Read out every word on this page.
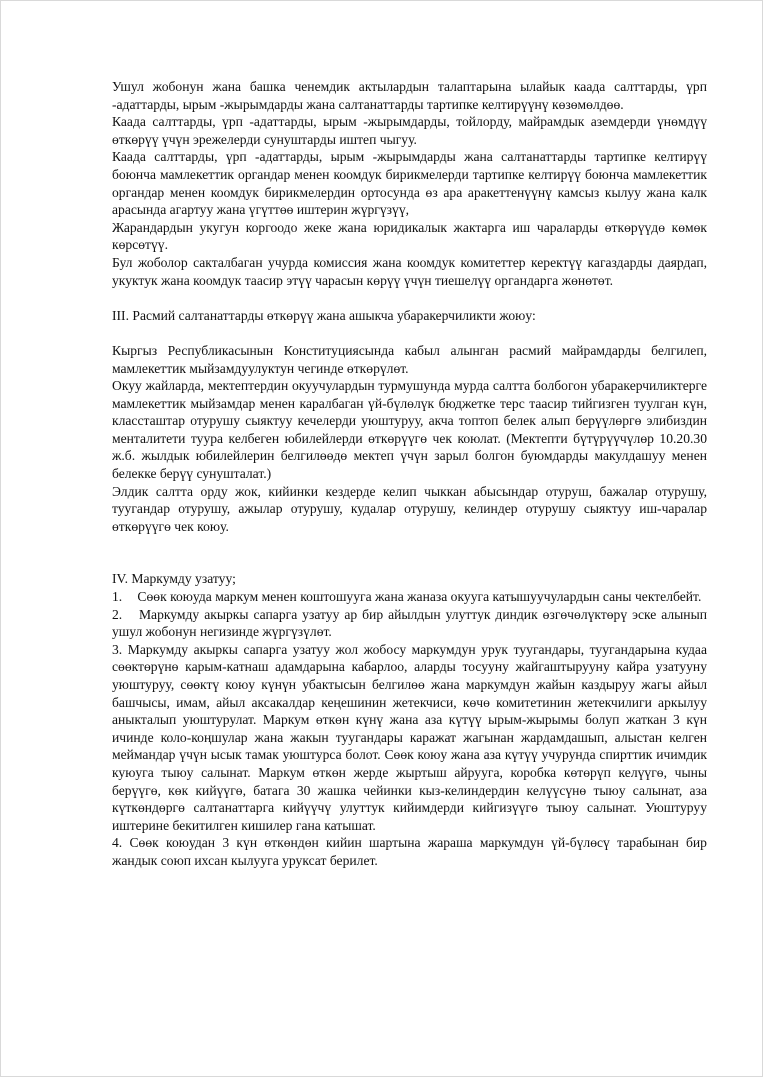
Ушул жобонун жана башка ченемдик актылардын талаптарына ылайык каада салттарды, үрп -адаттарды, ырым -жырымдарды жана салтанаттарды тартипке келтирүүнү көзөмөлдөө.

Каада салттарды, үрп -адаттарды, ырым -жырымдарды, тойлорду, майрамдык аземдерди үнөмдүү өткөрүү үчүн эрежелерди сунуштарды иштеп чыгуу.

Каада салттарды, үрп -адаттарды, ырым -жырымдарды жана салтанаттарды тартипке келтирүү боюнча мамлекеттик органдар менен коомдук бирикмелерди тартипке келтирүү боюнча мамлекеттик органдар менен коомдук бирикмелердин ортосунда өз ара аракеттенүүнү камсыз кылуу жана калк арасында агартуу жана үгүттөө иштерин жүргүзүү,

Жарандардын укугун коргоодо жеке жана юридикалык жактарга иш чараларды өткөрүүдө көмөк көрсөтүү.

Бул жоболор сакталбаган учурда комиссия жана коомдук комитеттер керектүү кагаздарды даярдап, укуктук жана коомдук таасир этүү чарасын көрүү үчүн тиешелүү органдарга жөнөтөт.

III. Расмий салтанаттарды өткөрүү жана ашыкча убаракерчиликти жоюу:

Кыргыз Республикасынын Конституциясында кабыл алынган расмий майрамдарды белгилеп, мамлекеттик мыйзамдуулуктун чегинде өткөрүлөт.

Окуу жайларда, мектептердин окуучулардын турмушунда мурда салтта болбогон убаракерчиликтерге мамлекеттик мыйзамдар менен каралбаган үй-бүлөлүк бюджетке терс таасир тийгизген туулган күн, классташтар отурушу сыяктуу кечелерди уюштуруу, акча топтоп белек алып берүүлөргө элибиздин менталитети туура келбеген юбилейлерди өткөрүүгө чек коюлат. (Мектепти бүтүрүүчүлөр 10.20.30 ж.б. жылдык юбилейлерин белгилөөдө мектеп үчүн зарыл болгон буюмдарды макулдашуу менен белекке берүү сунушталат.)

Элдик салтта орду жок, кийинки кездерде келип чыккан абысындар отуруш, бажалар отурушу, туугандар отурушу, ажылар отурушу, кудалар отурушу, келиндер отурушу сыяктуу иш-чаралар өткөрүүгө чек коюу.

IV. Маркумду узатуу;

1. Сөөк коюуда маркум менен коштошууга жана жаназа окууга катышуучулардын саны чектелбейт.

2. Маркумду акыркы сапарга узатуу ар бир айылдын улуттук диндик өзгөчөлүктөрү эске алынып ушул жобонун негизинде жүргүзүлөт.

3. Маркумду акыркы сапарга узатуу жол жобосу маркумдун урук туугандары, туугандарына кудаа сөөктөрүнө карым-катнаш адамдарына кабарлоо, аларды тосууну жайгаштырууну кайра узатууну уюштуруу, сөөктү коюу күнүн убактысын белгилөө жана маркумдун жайын каздыруу жагы айыл башчысы, имам, айыл аксакалдар кеңешинин жетекчиси, көчө комитетинин жетекчилиги аркылуу аныкталып уюштурулат. Маркум өткөн күнү жана аза күтүү ырым-жырымы болуп жаткан 3 күн ичинде коло-коңшулар жана жакын туугандары каражат жагынан жардамдашып, алыстан келген меймандар үчүн ысык тамак уюштурса болот. Сөөк коюу жана аза күтүү учурунда спирттик ичимдик куюуга тыюу салынат. Маркум өткөн жерде жыртыш айрууга, коробка көтөрүп келүүгө, чыны берүүгө, көк кийүүгө, батага 30 жашка чейинки кыз-келиндердин келүүсүнө тыюу салынат, аза күткөндөргө салтанаттарга кийүүчү улуттук кийимдерди кийгизүүгө тыюу салынат. Уюштуруу иштерине бекитилген кишилер гана катышат.

4. Сөөк коюудан 3 күн өткөндөн кийин шартына жараша маркумдун үй-бүлөсү тарабынан бир жандык союп ихсан кылууга уруксат берилет.
